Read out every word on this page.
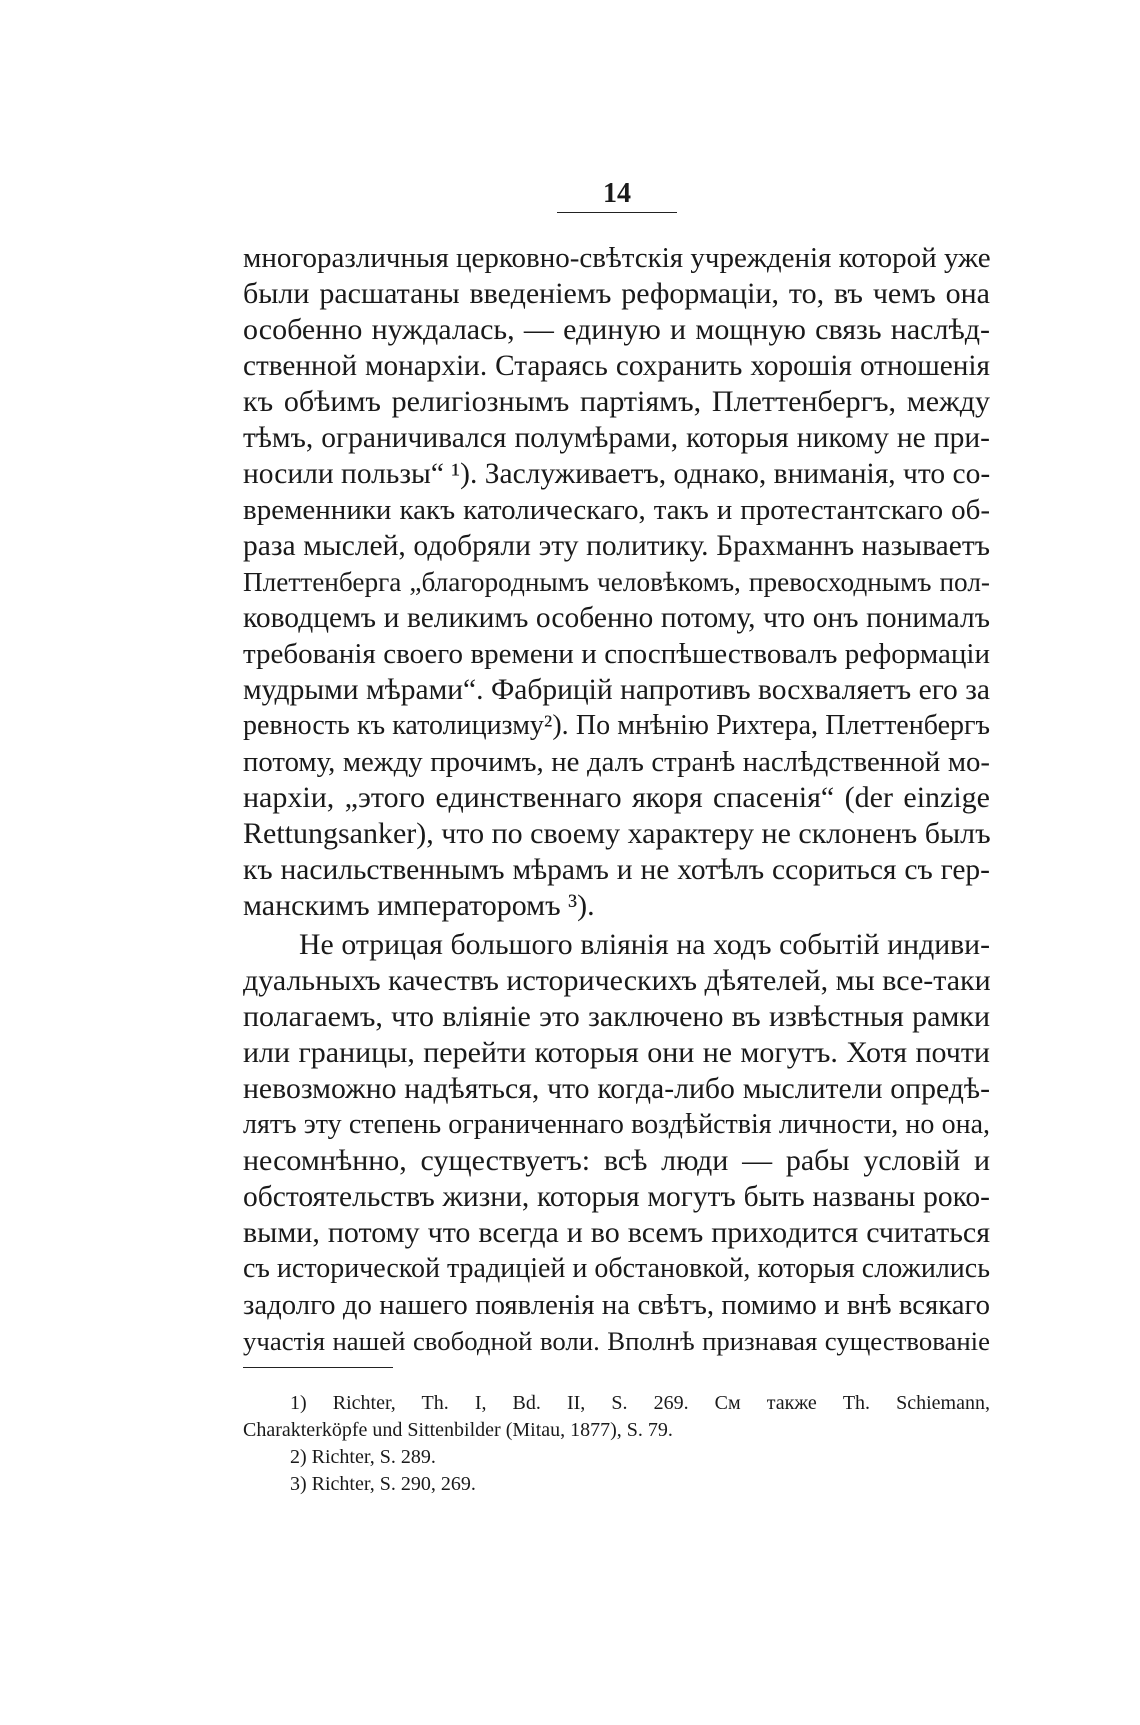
14
многоразличныя церковно-свѣтскія учрежденія которой уже
были расшатаны введеніемъ реформаціи, то, въ чемъ она
особенно нуждалась, — единую и мощную связь наслѣд-
ственной монархіи. Стараясь сохранить хорошія отношенія
къ обѣимъ религіознымъ партіямъ, Плеттенбергъ, между
тѣмъ, ограничивался полумѣрами, которыя никому не при-
носили пользы“ ¹). Заслуживаетъ, однако, вниманія, что со-
временники какъ католическаго, такъ и протестантскаго об-
раза мыслей, одобряли эту политику. Брахманнъ называетъ
Плеттенберга „благороднымъ человѣкомъ, превосходнымъ пол-
ководцемъ и великимъ особенно потому, что онъ понималъ
требованія своего времени и споспѣшествовалъ реформаціи
мудрыми мѣрами“. Фабрицій напротивъ восхваляетъ его за
ревность къ католицизму²). По мнѣнію Рихтера, Плеттенбергъ
потому, между прочимъ, не далъ странѣ наслѣдственной мо-
нархіи, „этого единственнаго якоря спасенія“ (der einzige
Rettungsanker), что по своему характеру не склоненъ былъ
къ насильственнымъ мѣрамъ и не хотѣлъ ссориться съ гер-
манскимъ императоромъ ³).
Не отрицая большого вліянія на ходъ событій индиви-
дуальныхъ качествъ историческихъ дѣятелей, мы все-таки
полагаемъ, что вліяніе это заключено въ извѣстныя рамки
или границы, перейти которыя они не могутъ. Хотя почти
невозможно надѣяться, что когда-либо мыслители опредѣ-
лятъ эту степень ограниченнаго воздѣйствія личности, но она,
несомнѣнно, существуетъ: всѣ люди — рабы условій и
обстоятельствъ жизни, которыя могутъ быть названы роко-
выми, потому что всегда и во всемъ приходится считаться
съ исторической традиціей и обстановкой, которыя сложились
задолго до нашего появленія на свѣтъ, помимо и внѣ всякаго
участія нашей свободной воли. Вполнѣ признавая существованіе
1) Richter, Th. I, Bd. II, S. 269. См также Th. Schiemann,
Charakterköpfe und Sittenbilder (Mitau, 1877), S. 79.
2) Richter, S. 289.
3) Richter, S. 290, 269.
